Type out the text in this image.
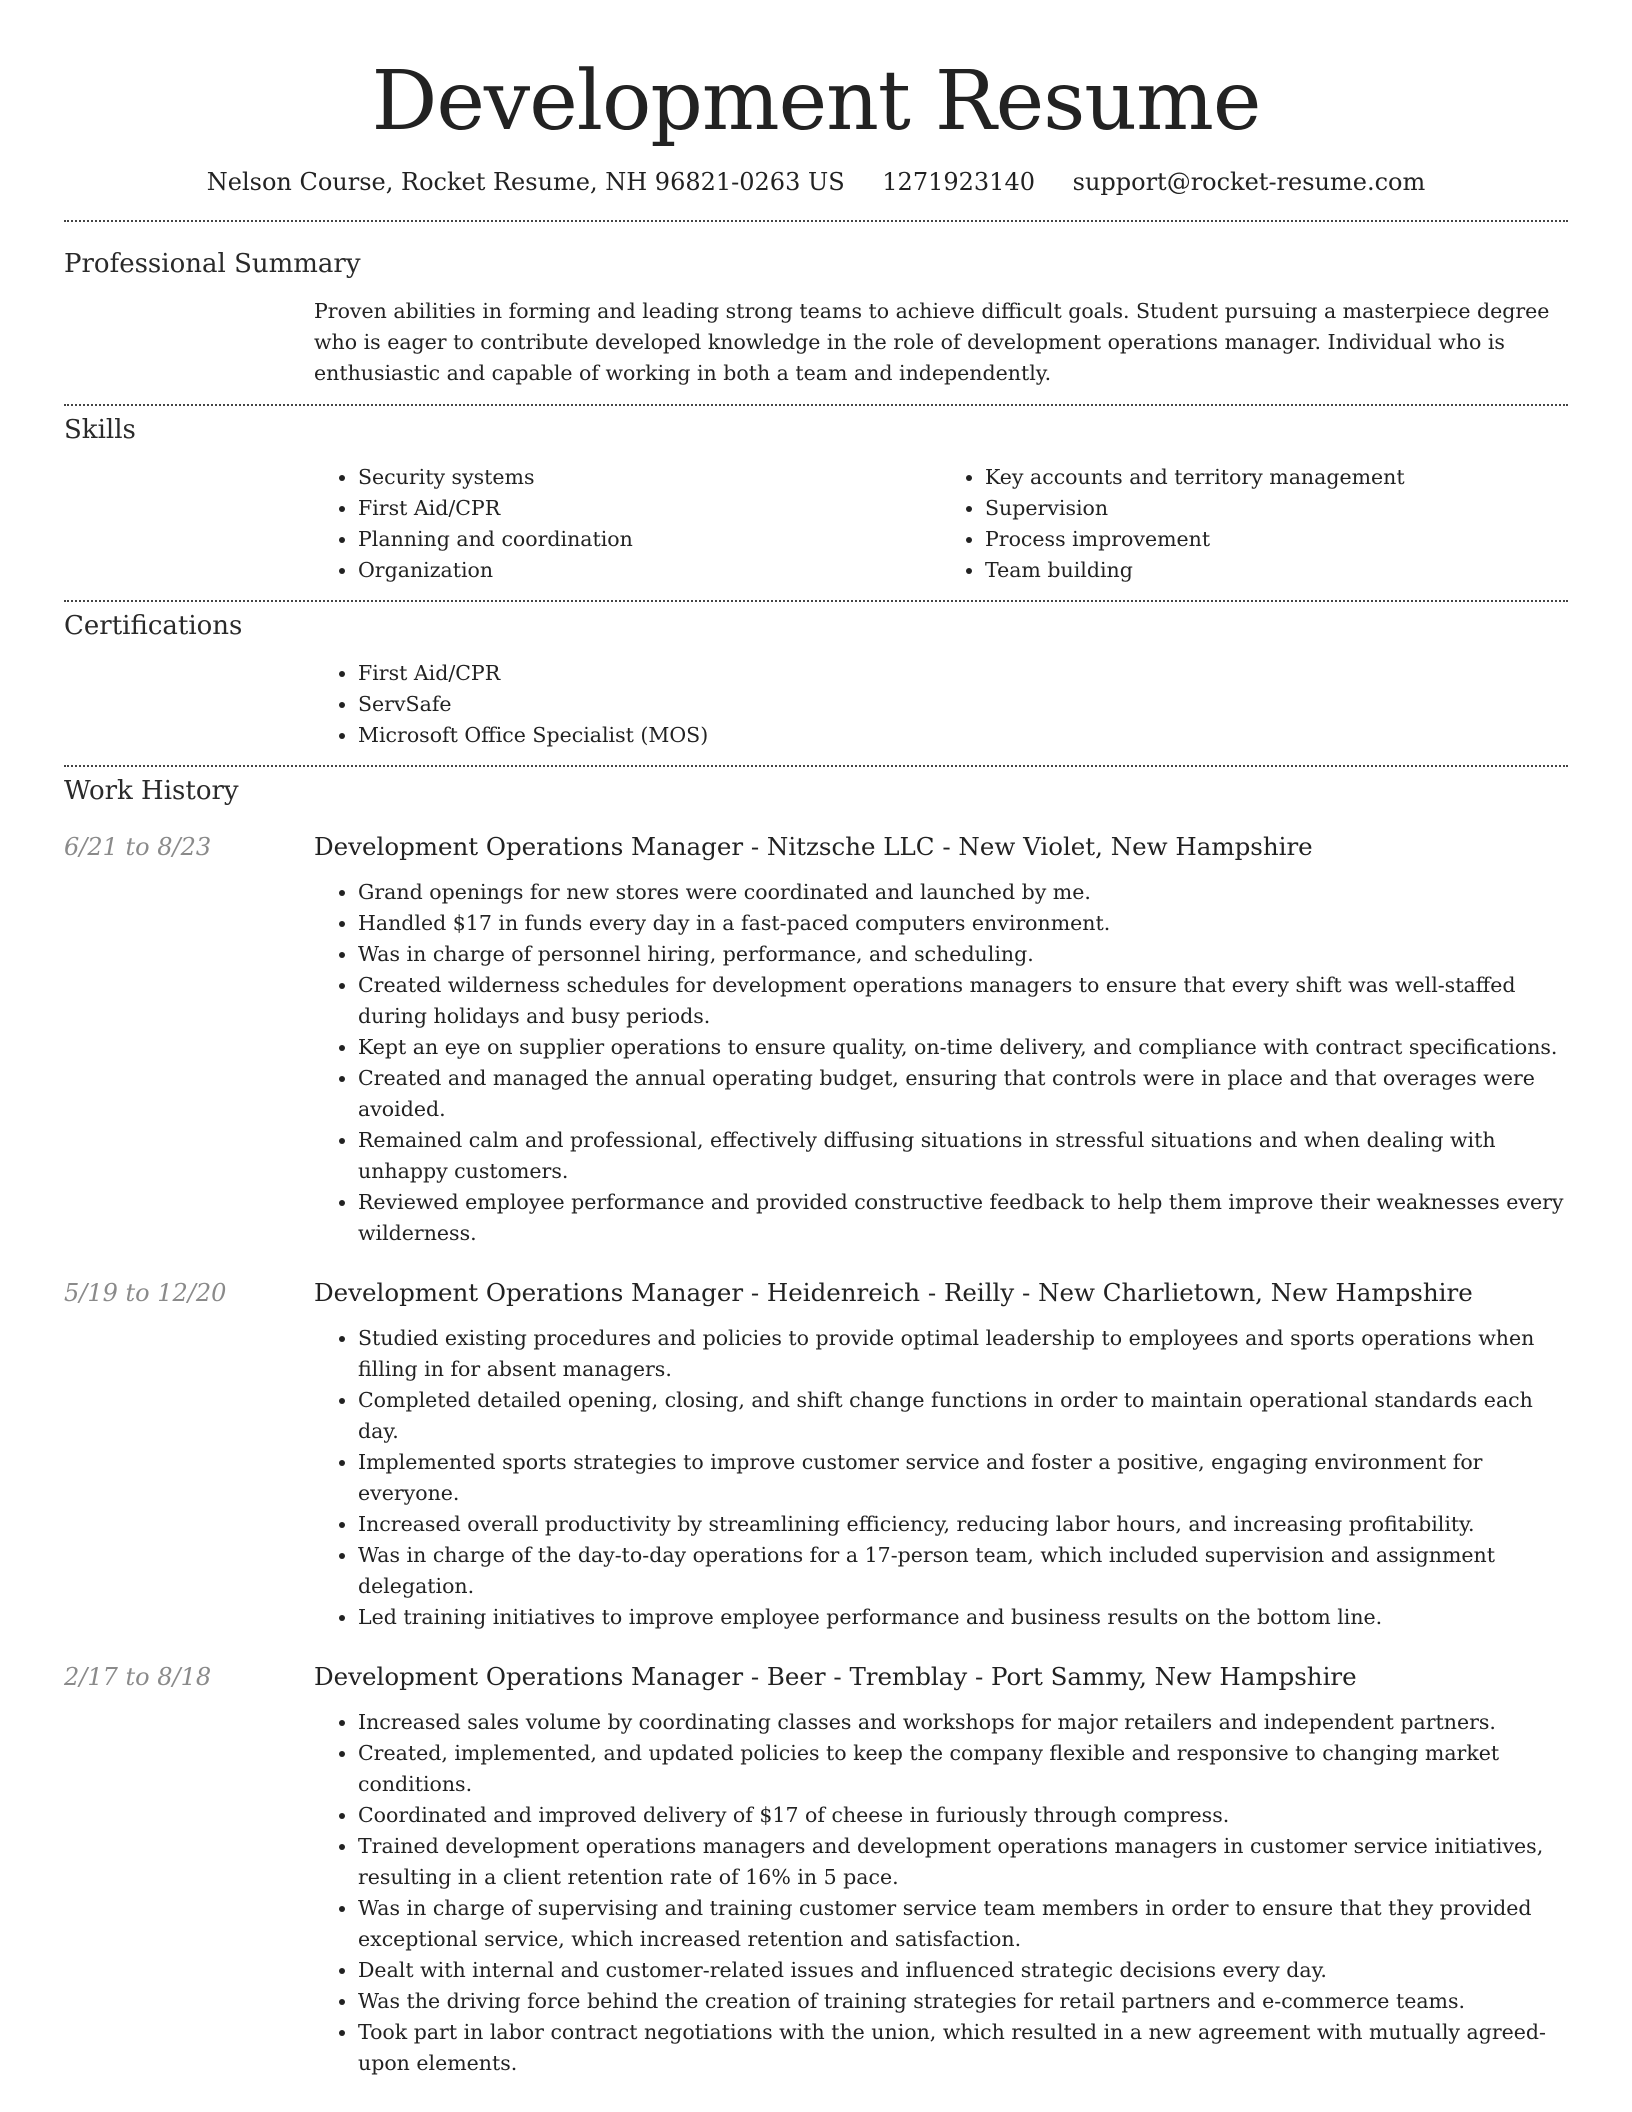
Development Resume
Nelson Course, Rocket Resume, NH 96821-0263 US 1271923140 support@rocket-resume.com
Professional Summary

Proven abilities in forming and leading strong teams to achieve difficult goals. Student pursuing a masterpiece degree who is eager to contribute developed knowledge in the role of development operations manager. Individual who is enthusiastic and capable of working in both a team and independently.

Skills
• Security systems
• First Aid/CPR
• Planning and coordination
• Organization
• Key accounts and territory management
• Supervision
• Process improvement
• Team building
Certifications
• First Aid/CPR
• ServSafe
• Microsoft Office Specialist (MOS)
Work History
6/21 to 8/23	Development Operations Manager - Nitzsche LLC - New Violet, New Hampshire
• Grand openings for new stores were coordinated and launched by me.
• Handled $17 in funds every day in a fast-paced computers environment.
• Was in charge of personnel hiring, performance, and scheduling.
• Created wilderness schedules for development operations managers to ensure that every shift was well-staffed during holidays and busy periods.
• Kept an eye on supplier operations to ensure quality, on-time delivery, and compliance with contract specifications.
• Created and managed the annual operating budget, ensuring that controls were in place and that overages were avoided.
• Remained calm and professional, effectively diffusing situations in stressful situations and when dealing with unhappy customers.
• Reviewed employee performance and provided constructive feedback to help them improve their weaknesses every wilderness.
5/19 to 12/20	Development Operations Manager - Heidenreich - Reilly - New Charlietown, New Hampshire
• Studied existing procedures and policies to provide optimal leadership to employees and sports operations when filling in for absent managers.
• Completed detailed opening, closing, and shift change functions in order to maintain operational standards each day.
• Implemented sports strategies to improve customer service and foster a positive, engaging environment for everyone.
• Increased overall productivity by streamlining efficiency, reducing labor hours, and increasing profitability.
• Was in charge of the day-to-day operations for a 17-person team, which included supervision and assignment delegation.
• Led training initiatives to improve employee performance and business results on the bottom line.
2/17 to 8/18	Development Operations Manager - Beer - Tremblay - Port Sammy, New Hampshire
• Increased sales volume by coordinating classes and workshops for major retailers and independent partners.
• Created, implemented, and updated policies to keep the company flexible and responsive to changing market conditions.
• Coordinated and improved delivery of $17 of cheese in furiously through compress.
• Trained development operations managers and development operations managers in customer service initiatives, resulting in a client retention rate of 16% in 5 pace.
• Was in charge of supervising and training customer service team members in order to ensure that they provided exceptional service, which increased retention and satisfaction.
• Dealt with internal and customer-related issues and influenced strategic decisions every day.
• Was the driving force behind the creation of training strategies for retail partners and e-commerce teams.
• Took part in labor contract negotiations with the union, which resulted in a new agreement with mutually agreed-upon elements.
